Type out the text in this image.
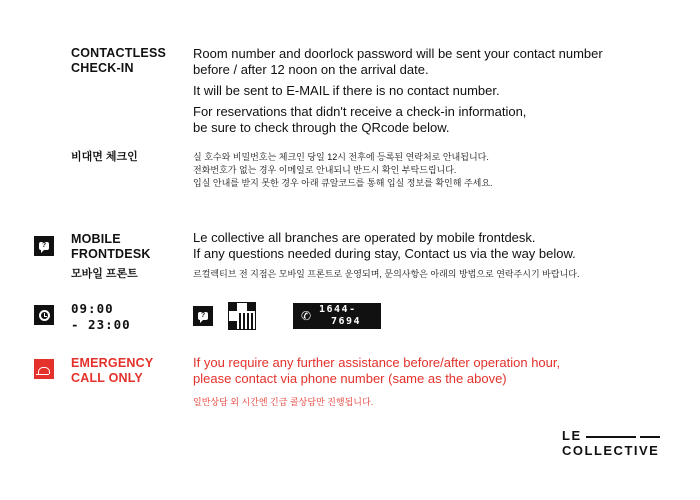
CONTACTLESS
CHECK-IN
Room number and doorlock password will be sent your contact number
before / after 12 noon on the arrival date.
It will be sent to E-MAIL if there is no contact number.
For reservations that didn't receive a check-in information,
be sure to check through the QRcode below.
비대면 체크인	실 호수와 비밀번호는 체크인 당일 12시 전후에 등록된 연락처로 안내됩니다.
전화번호가 없는 경우 이메일로 안내되니 반드시 확인 부탁드립니다.
입실 안내를 받지 못한 경우 아래 큐알코드를 통해 입실 정보를 확인해 주세요.
? MOBILE
FRONTDESK
Le collective all branches are operated by mobile frontdesk.
If any questions needed during stay, Contact us via the way below.
모바일 프론트	르컬렉티브 전 지점은 모바일 프론트로 운영되며, 문의사항은 아래의 방법으로 연락주시기 바랍니다.
09:00
- 23:00
?	✆ 1644-
7694
EMERGENCY
CALL ONLY
If you require any further assistance before/after operation hour,
please contact via phone number (same as the above)
일반상담 외 시간엔 긴급 콜상담만 진행됩니다.
LE
COLLECTIVE
